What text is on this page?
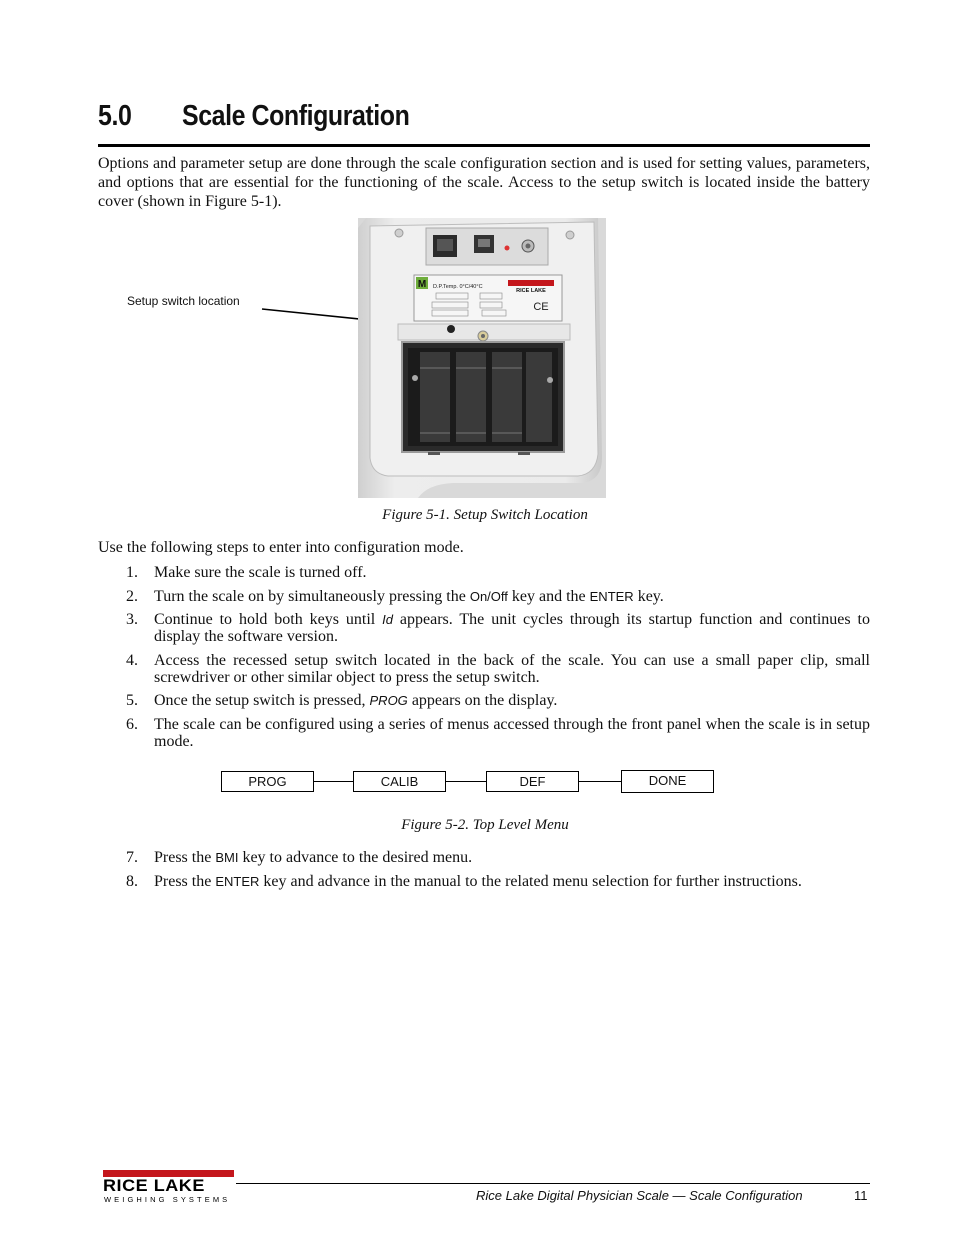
5.0 Scale Configuration

Options and parameter setup are done through the scale configuration section and is used for setting values, parameters, and options that are essential for the functioning of the scale. Access to the setup switch is located inside the battery cover (shown in Figure 5-1).

Setup switch location
M D.P.Temp. 0°C/40°C
RICE LAKE
CE
Figure 5-1. Setup Switch Location

Use the following steps to enter into configuration mode.

1. Make sure the scale is turned off.
2. Turn the scale on by simultaneously pressing the On/Off key and the ENTER key.
3. Continue to hold both keys until Id appears. The unit cycles through its startup function and continues to display the software version.
4. Access the recessed setup switch located in the back of the scale. You can use a small paper clip, small screwdriver or other similar object to press the setup switch.
5. Once the setup switch is pressed, PROG appears on the display.
6. The scale can be configured using a series of menus accessed through the front panel when the scale is in setup mode.
PROG	CALIB	DEF	DONE
Figure 5-2. Top Level Menu
7. Press the BMI key to advance to the desired menu.
8. Press the ENTER key and advance in the manual to the related menu selection for further instructions.
RICE LAKE
WEIGHING SYSTEMS	Rice Lake Digital Physician Scale — Scale Configuration	11
